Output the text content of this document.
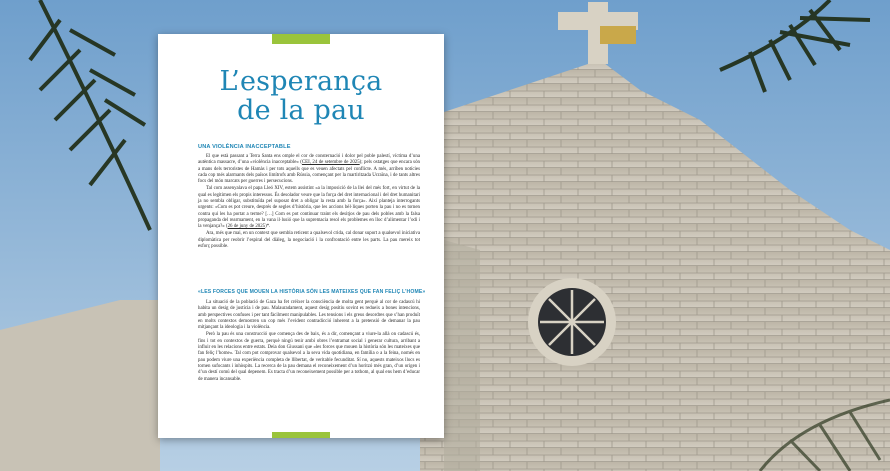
L’esperança
de la pau
UNA VIOLÈNCIA INACCEPTABLE

El que està passant a Terra Santa ens omple el cor de consternació i dolor pel poble palestí, víctima d’una autèntica massacre, d’una «violència inacceptable» (CEI, 24 de setembre de 2025); pels ostatges que encara són a mans dels terroristes de Hamàs i per tots aquells que es veuen afectats pel conflicte. A més, arriben notícies cada cop més alarmants dels països limítrofs amb Rússia, començant per la martiritzada Ucraïna, i de tants altres focs del món marcats per guerres i persecucions.

Tal com assenyalava el papa Lleó XIV, estem assistint «a la imposició de la llei del més fort, en virtut de la qual es legitimen els propis interessos. És desolador veure que la força del dret internacional i del dret humanitari ja no sembla obligar, substituïda pel suposat dret a obligar la resta amb la força». Així planteja interrogants urgents: «Com es pot creure, després de segles d’història, que les accions bèl·liques porten la pau i no es tornen contra qui les ha portat a terme? […] Com es pot continuar traint els desitjos de pau dels pobles amb la falsa propaganda del rearmament, en la vana il·lusió que la supremacia resol els problemes en lloc d’alimentar l’odi i la venjança?» (26 de juny de 2025)*.

Ara, més que mai, en un context que sembla reticent a qualsevol crida, cal donar suport a qualsevol iniciativa diplomàtica per reobrir l’espiral del diàleg, la negociació i la confrontació entre les parts. La pau mereix tot esforç possible.

«LES FORCES QUE MOUEN LA HISTÒRIA SÓN LES MATEIXES QUE FAN FELIÇ L’HOME»

La situació de la població de Gaza ha fet créixer la consciència de molta gent perquè al cor de cadascú hi habita un desig de justícia i de pau. Malauradament, aquest desig positiu sovint es redueix a bones intencions, amb perspectives confuses i per tant fàcilment manipulables. Les tensions i els greus desordres que s’han produït en molts contextos demostren un cop més l’evident contradicció inherent a la pretensió de demanar la pau mitjançant la ideologia i la violència.

Però la pau és una construcció que comença des de baix, és a dir, començant a viure-la allà on cadascú és, fins i tot en contextos de guerra, perquè ningú tenir ambi obres l’entramat social i generar cultura, arribant a influir en les relacions entre estats. Deia don Giussani que «les forces que mouen la història són les mateixes que fan feliç l’home». Tal com pot comprovar qualsevol a la seva vida quotidiana, en família o a la feina, només en pau podem viure una experiència completa de llibertat, de veritable fecunditat. Sí no, aquests mateixos llocs es tornen sufocants i inhòspits. La recerca de la pau demana el reconeixement d’un horitzó més gran, d’un origen i d’un destí comú del qual depenem. Es tracta d’un reconeixement possible per a tothom, al qual ens hem d’educar de manera incansable.
